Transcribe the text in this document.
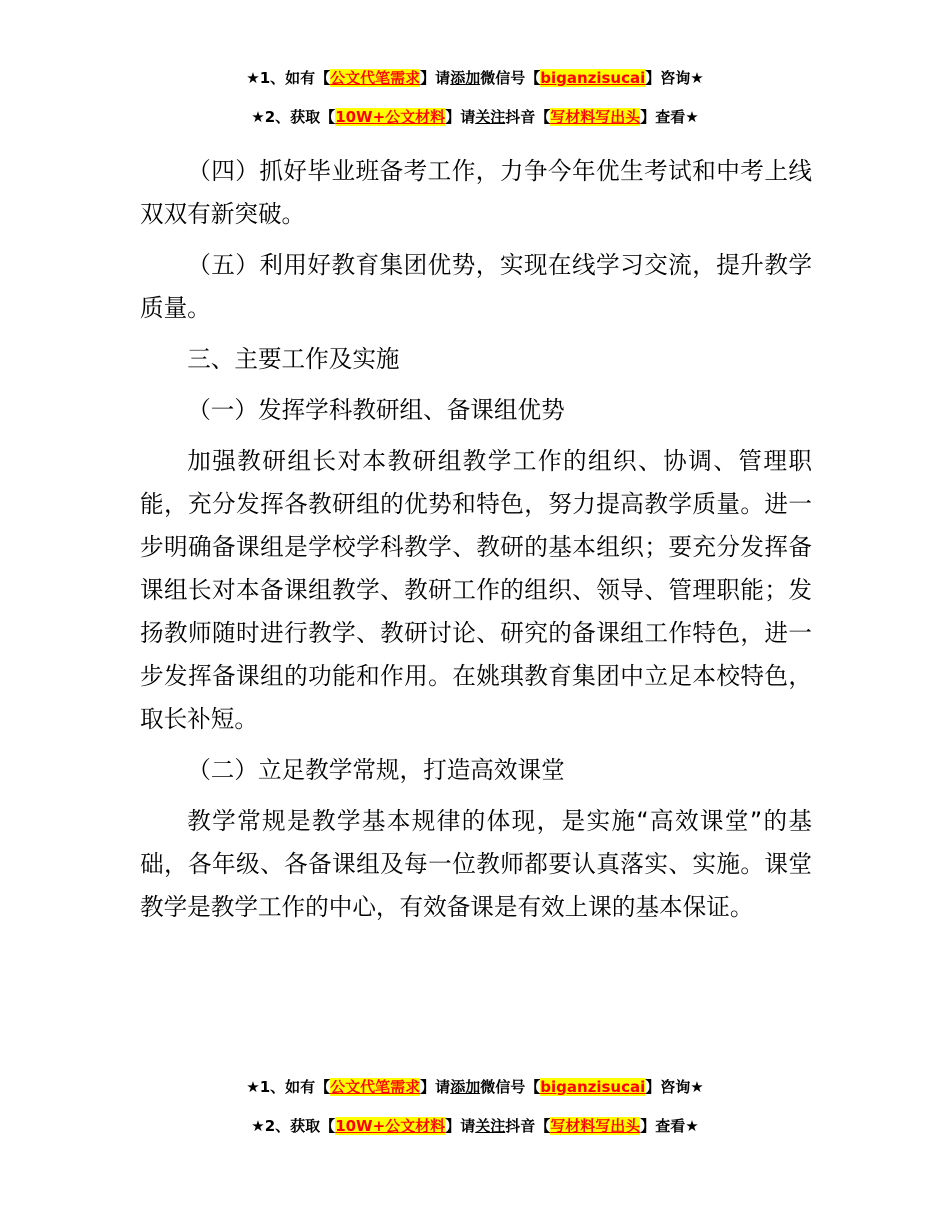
★1、如有【公文代笔需求】请添加微信号【biganzisucai】咨询★
★2、获取【10W+公文材料】请关注抖音【写材料写出头】查看★

（四）抓好毕业班备考工作，力争今年优生考试和中考上线双双有新突破。

（五）利用好教育集团优势，实现在线学习交流，提升教学质量。

三、主要工作及实施

（一）发挥学科教研组、备课组优势

加强教研组长对本教研组教学工作的组织、协调、管理职能，充分发挥各教研组的优势和特色，努力提高教学质量。进一步明确备课组是学校学科教学、教研的基本组织；要充分发挥备课组长对本备课组教学、教研工作的组织、领导、管理职能；发扬教师随时进行教学、教研讨论、研究的备课组工作特色，进一步发挥备课组的功能和作用。在姚琪教育集团中立足本校特色，取长补短。

（二）立足教学常规，打造高效课堂

教学常规是教学基本规律的体现，是实施“高效课堂”的基础，各年级、各备课组及每一位教师都要认真落实、实施。课堂教学是教学工作的中心，有效备课是有效上课的基本保证。

★1、如有【公文代笔需求】请添加微信号【biganzisucai】咨询★
★2、获取【10W+公文材料】请关注抖音【写材料写出头】查看★
